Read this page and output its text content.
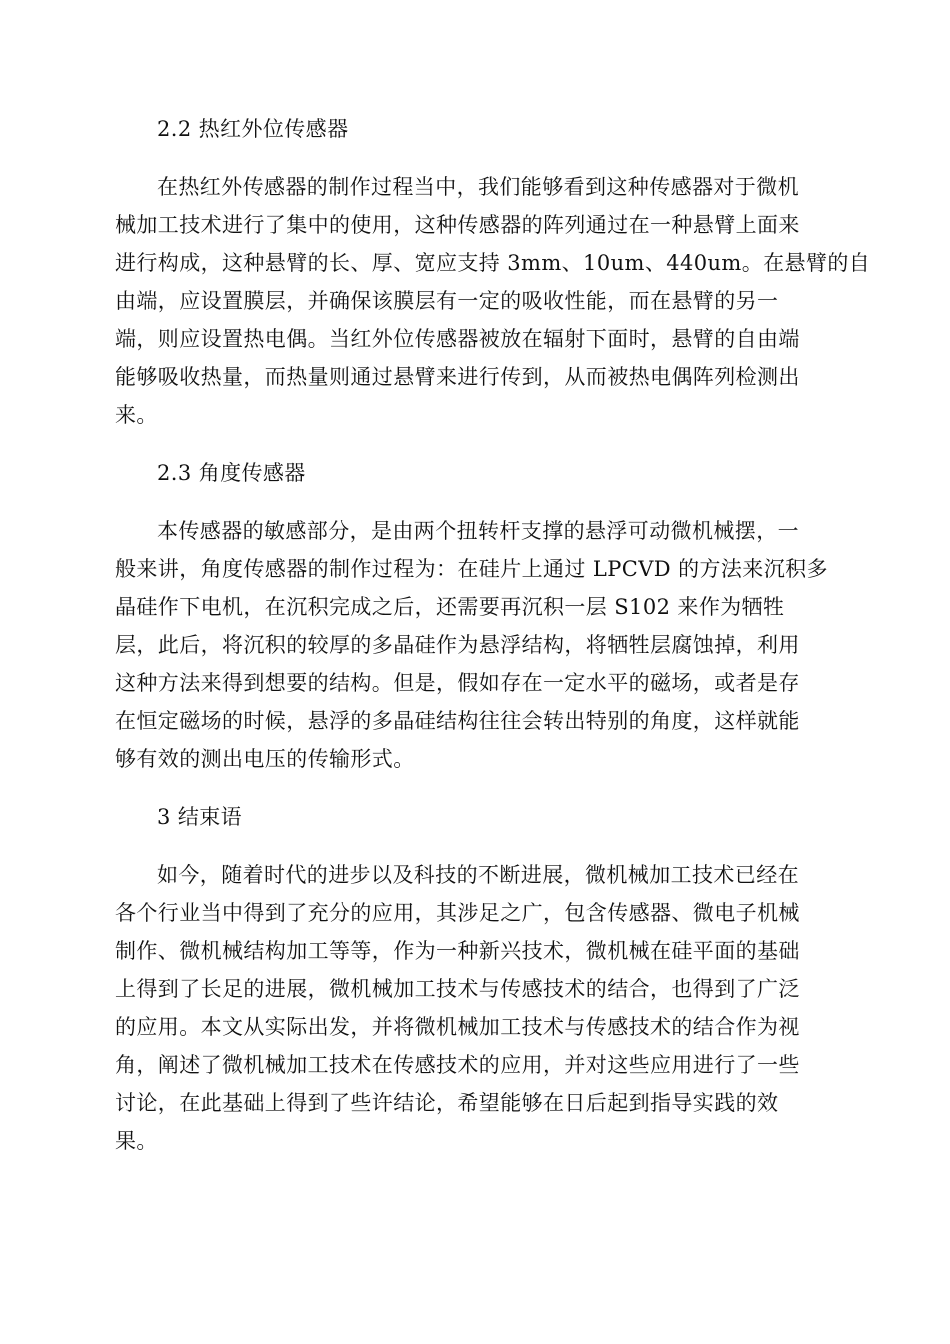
2.2 热红外位传感器
在热红外传感器的制作过程当中，我们能够看到这种传感器对于微机
械加工技术进行了集中的使用，这种传感器的阵列通过在一种悬臂上面来
进行构成，这种悬臂的长、厚、宽应支持 3mm、10um、440um。在悬臂的自
由端，应设置膜层，并确保该膜层有一定的吸收性能，而在悬臂的另一
端，则应设置热电偶。当红外位传感器被放在辐射下面时，悬臂的自由端
能够吸收热量，而热量则通过悬臂来进行传到，从而被热电偶阵列检测出
来。
2.3 角度传感器
本传感器的敏感部分，是由两个扭转杆支撑的悬浮可动微机械摆，一
般来讲，角度传感器的制作过程为：在硅片上通过 LPCVD 的方法来沉积多
晶硅作下电机，在沉积完成之后，还需要再沉积一层 S102 来作为牺牲
层，此后，将沉积的较厚的多晶硅作为悬浮结构，将牺牲层腐蚀掉，利用
这种方法来得到想要的结构。但是，假如存在一定水平的磁场，或者是存
在恒定磁场的时候，悬浮的多晶硅结构往往会转出特别的角度，这样就能
够有效的测出电压的传输形式。
3 结束语
如今，随着时代的进步以及科技的不断进展，微机械加工技术已经在
各个行业当中得到了充分的应用，其涉足之广，包含传感器、微电子机械
制作、微机械结构加工等等，作为一种新兴技术，微机械在硅平面的基础
上得到了长足的进展，微机械加工技术与传感技术的结合，也得到了广泛
的应用。本文从实际出发，并将微机械加工技术与传感技术的结合作为视
角，阐述了微机械加工技术在传感技术的应用，并对这些应用进行了一些
讨论，在此基础上得到了些许结论，希望能够在日后起到指导实践的效
果。
